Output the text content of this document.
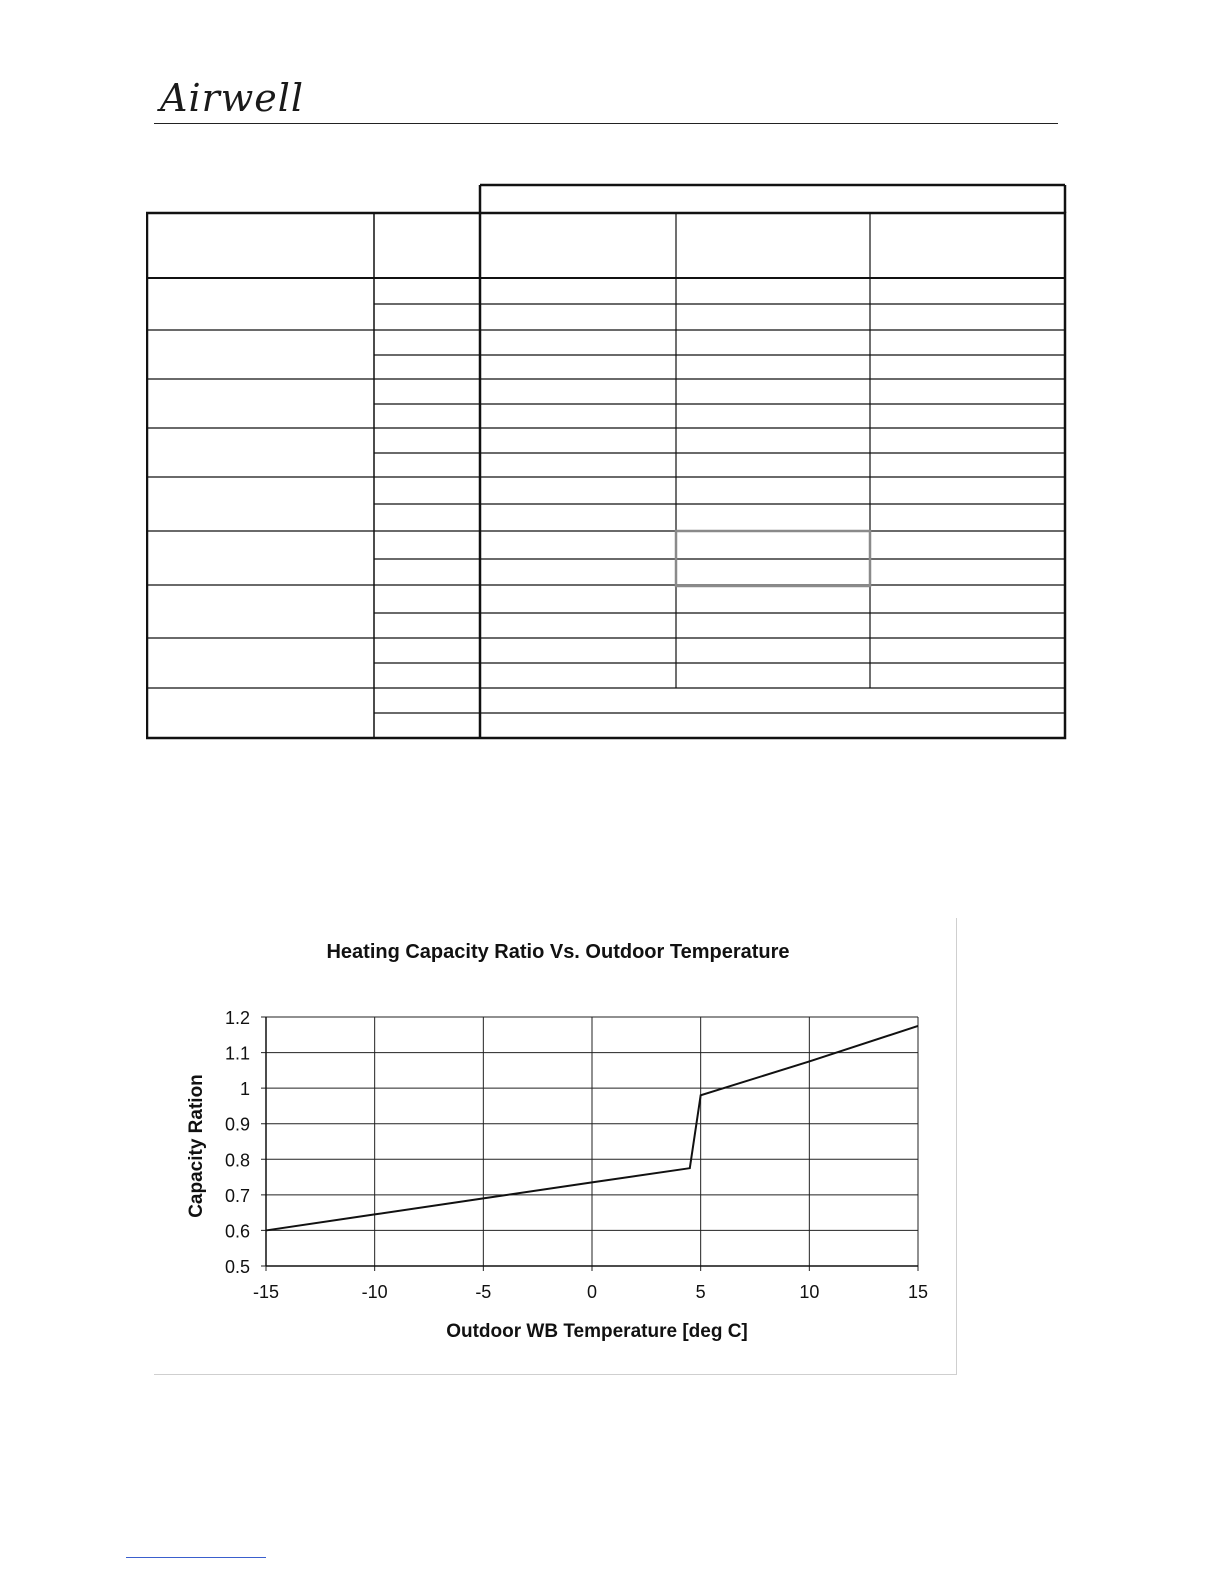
Airwell
Heating Capacity Ratio Vs. Outdoor Temperature
Outdoor WB Temperature [deg C]
Capacity Ration
0.5
0.6
0.7
0.8
0.9
1
1.1
1.2
-15	-10	-5	0	5	10	15
